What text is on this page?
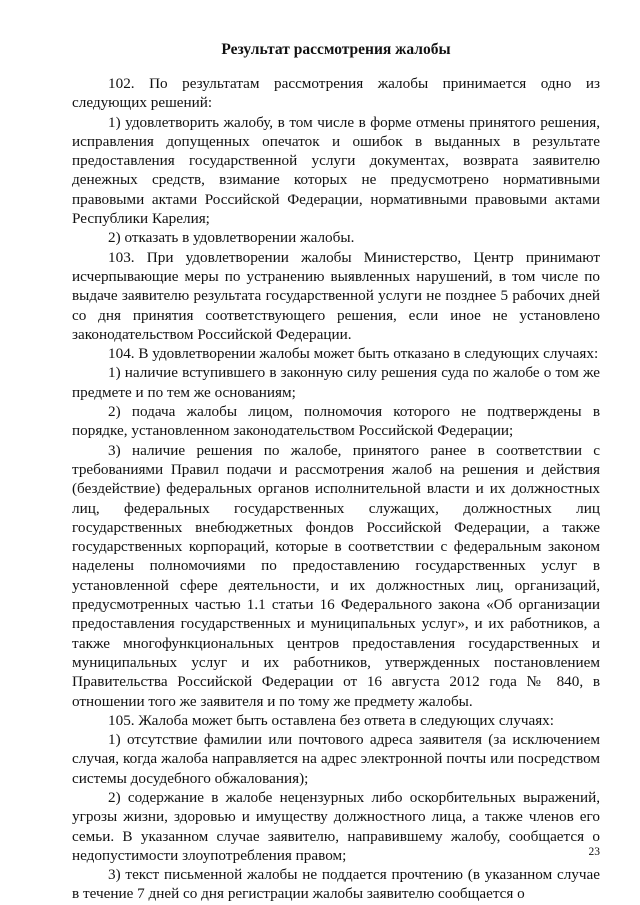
Результат рассмотрения жалобы

102. По результатам рассмотрения жалобы принимается одно из следующих решений:

1) удовлетворить жалобу, в том числе в форме отмены принятого решения, исправления допущенных опечаток и ошибок в выданных в результате предоставления государственной услуги документах, возврата заявителю денежных средств, взимание которых не предусмотрено нормативными правовыми актами Российской Федерации, нормативными правовыми актами Республики Карелия;

2) отказать в удовлетворении жалобы.

103. При удовлетворении жалобы Министерство, Центр принимают исчерпывающие меры по устранению выявленных нарушений, в том числе по выдаче заявителю результата государственной услуги не позднее 5 рабочих дней со дня принятия соответствующего решения, если иное не установлено законодательством Российской Федерации.

104. В удовлетворении жалобы может быть отказано в следующих случаях:

1) наличие вступившего в законную силу решения суда по жалобе о том же предмете и по тем же основаниям;

2) подача жалобы лицом, полномочия которого не подтверждены в порядке, установленном законодательством Российской Федерации;

3) наличие решения по жалобе, принятого ранее в соответствии с требованиями Правил подачи и рассмотрения жалоб на решения и действия (бездействие) федеральных органов исполнительной власти и их должностных лиц, федеральных государственных служащих, должностных лиц государственных внебюджетных фондов Российской Федерации, а также государственных корпораций, которые в соответствии с федеральным законом наделены полномочиями по предоставлению государственных услуг в установленной сфере деятельности, и их должностных лиц, организаций, предусмотренных частью 1.1 статьи 16 Федерального закона «Об организации предоставления государственных и муниципальных услуг», и их работников, а также многофункциональных центров предоставления государственных и муниципальных услуг и их работников, утвержденных постановлением Правительства Российской Федерации от 16 августа 2012 года № 840, в отношении того же заявителя и по тому же предмету жалобы.

105. Жалоба может быть оставлена без ответа в следующих случаях:

1) отсутствие фамилии или почтового адреса заявителя (за исключением случая, когда жалоба направляется на адрес электронной почты или посредством системы досудебного обжалования);

2) содержание в жалобе нецензурных либо оскорбительных выражений, угрозы жизни, здоровью и имуществу должностного лица, а также членов его семьи. В указанном случае заявителю, направившему жалобу, сообщается о недопустимости злоупотребления правом;

3) текст письменной жалобы не поддается прочтению (в указанном случае в течение 7 дней со дня регистрации жалобы заявителю сообщается о

23
